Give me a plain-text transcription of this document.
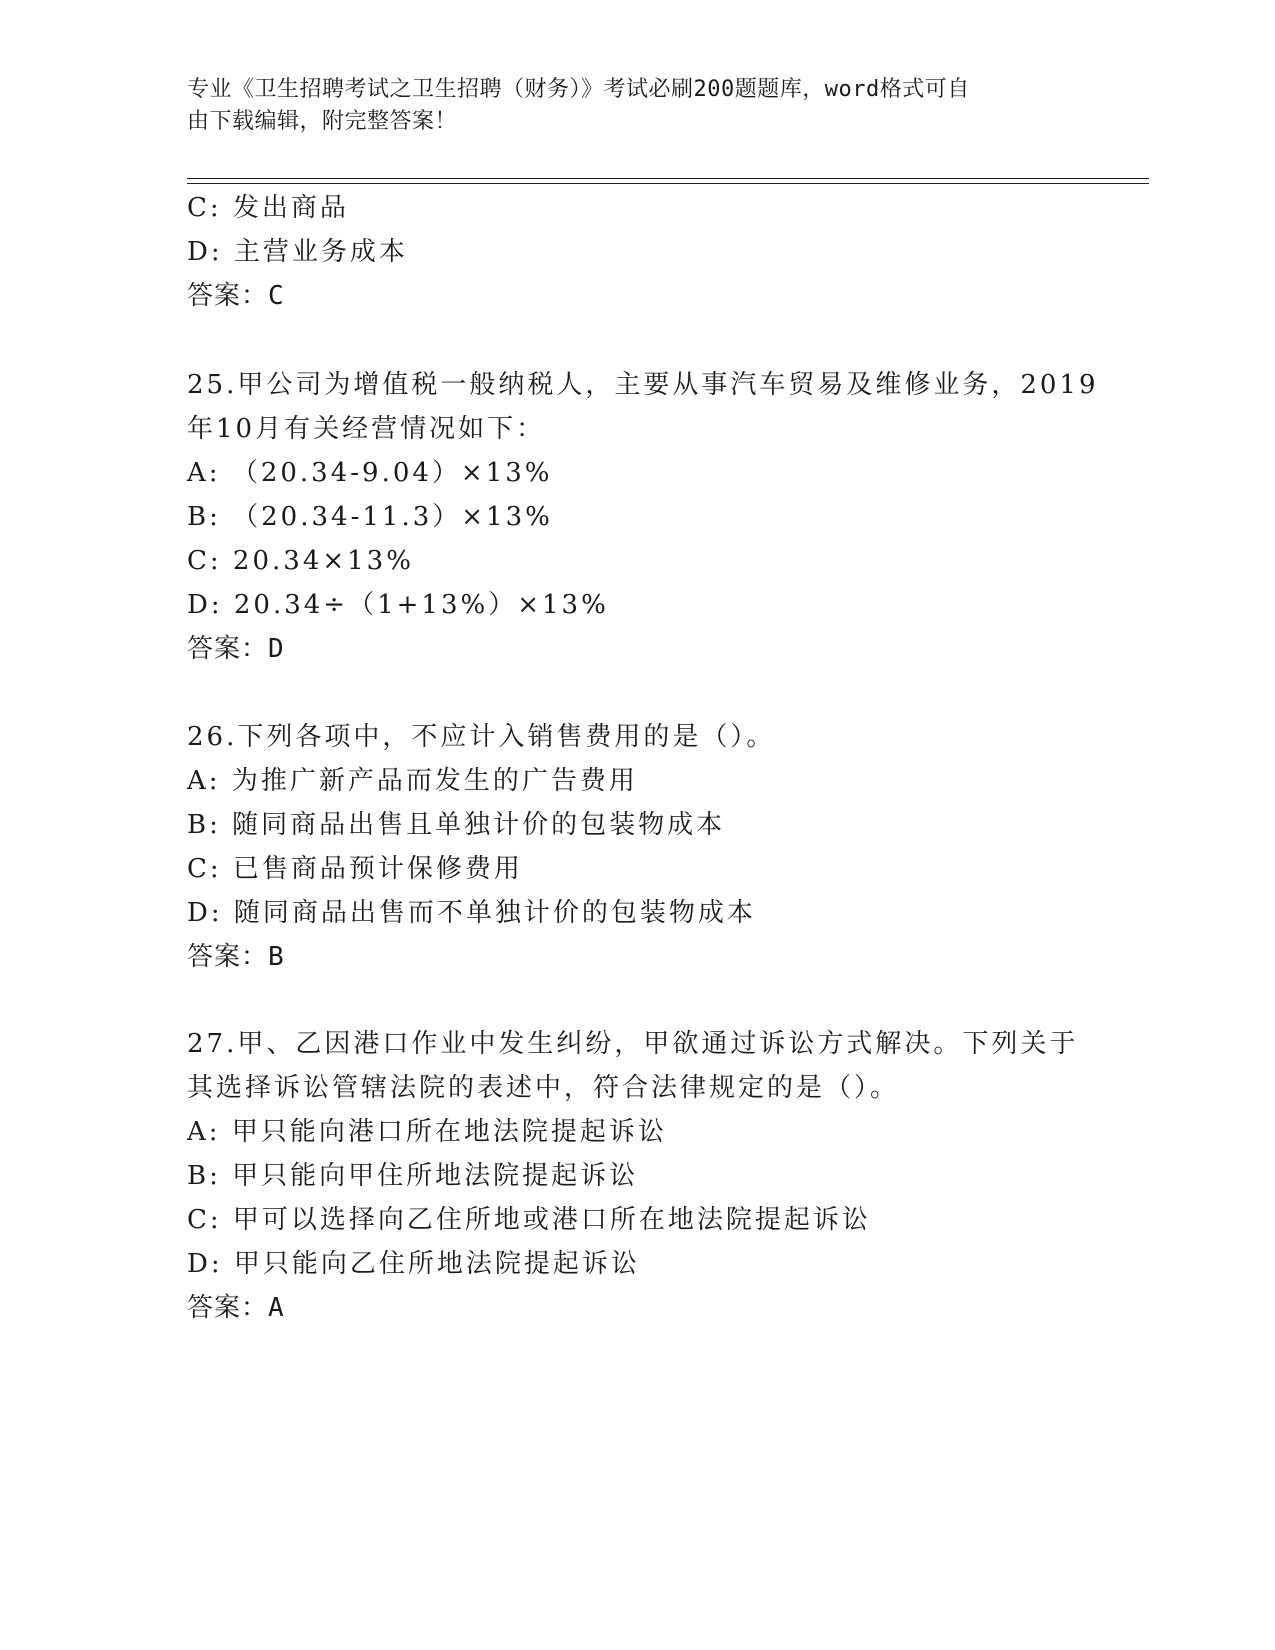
专业《卫生招聘考试之卫生招聘（财务）》考试必刷200题题库，word格式可自
由下载编辑，附完整答案！
C: 发出商品
D: 主营业务成本
答案：C
25.甲公司为增值税一般纳税人，主要从事汽车贸易及维修业务，2019
年10月有关经营情况如下：
A: （20.34-9.04）×13%
B: （20.34-11.3）×13%
C: 20.34×13%
D: 20.34÷（1+13%）×13%
答案：D
26.下列各项中，不应计入销售费用的是（）。
A: 为推广新产品而发生的广告费用
B: 随同商品出售且单独计价的包装物成本
C: 已售商品预计保修费用
D: 随同商品出售而不单独计价的包装物成本
答案：B
27.甲、乙因港口作业中发生纠纷，甲欲通过诉讼方式解决。下列关于
其选择诉讼管辖法院的表述中，符合法律规定的是（）。
A: 甲只能向港口所在地法院提起诉讼
B: 甲只能向甲住所地法院提起诉讼
C: 甲可以选择向乙住所地或港口所在地法院提起诉讼
D: 甲只能向乙住所地法院提起诉讼
答案：A
